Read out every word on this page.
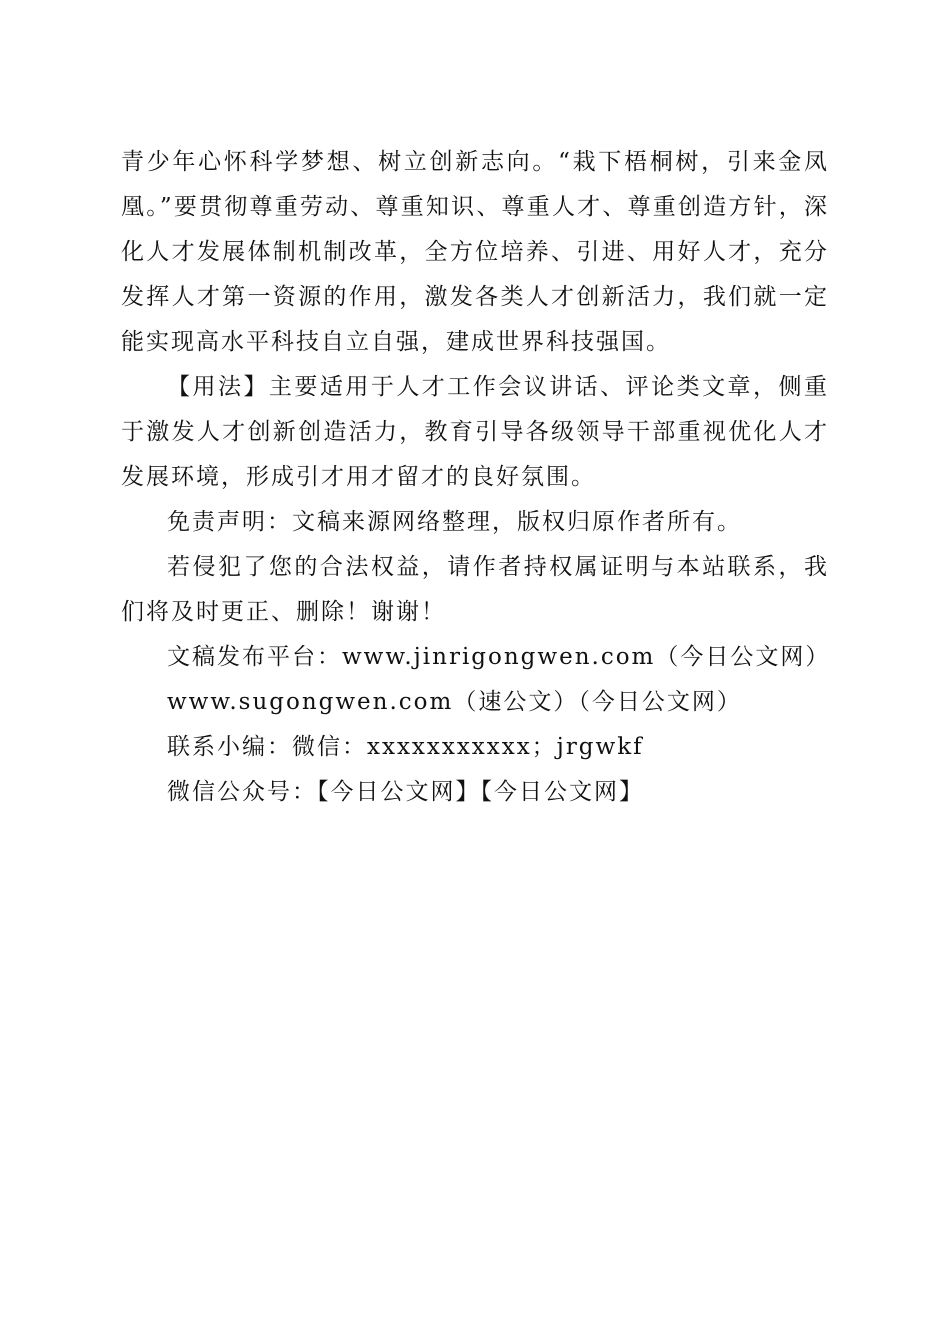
青少年心怀科学梦想、树立创新志向。“栽下梧桐树，引来金凤凰。”要贯彻尊重劳动、尊重知识、尊重人才、尊重创造方针，深化人才发展体制机制改革，全方位培养、引进、用好人才，充分发挥人才第一资源的作用，激发各类人才创新活力，我们就一定能实现高水平科技自立自强，建成世界科技强国。

【用法】主要适用于人才工作会议讲话、评论类文章，侧重于激发人才创新创造活力，教育引导各级领导干部重视优化人才发展环境，形成引才用才留才的良好氛围。

免责声明：文稿来源网络整理，版权归原作者所有。

若侵犯了您的合法权益，请作者持权属证明与本站联系，我们将及时更正、删除！谢谢！

文稿发布平台：www.jinrigongwen.com（今日公文网）

www.sugongwen.com（速公文）（今日公文网）

联系小编：微信：xxxxxxxxxxx；jrgwkf

微信公众号：【今日公文网】【今日公文网】
